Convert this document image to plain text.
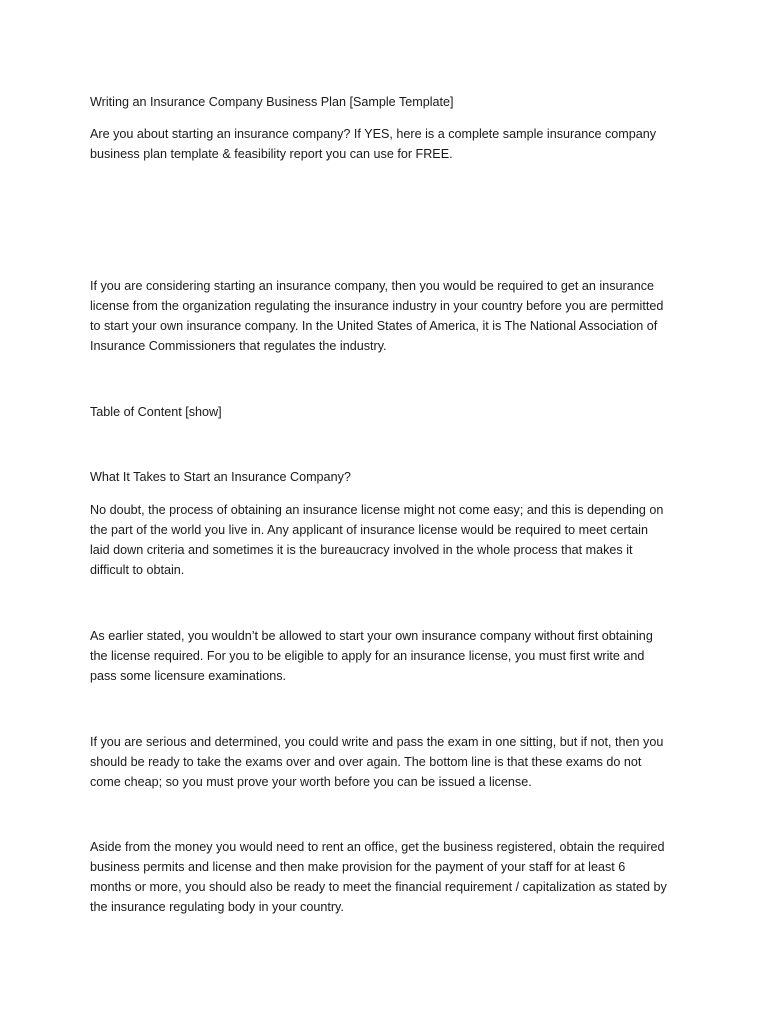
Writing an Insurance Company Business Plan [Sample Template]

Are you about starting an insurance company? If YES, here is a complete sample insurance company
business plan template & feasibility report you can use for FREE.

If you are considering starting an insurance company, then you would be required to get an insurance
license from the organization regulating the insurance industry in your country before you are permitted
to start your own insurance company. In the United States of America, it is The National Association of
Insurance Commissioners that regulates the industry.

Table of Content [show]

What It Takes to Start an Insurance Company?

No doubt, the process of obtaining an insurance license might not come easy; and this is depending on
the part of the world you live in. Any applicant of insurance license would be required to meet certain
laid down criteria and sometimes it is the bureaucracy involved in the whole process that makes it
difficult to obtain.

As earlier stated, you wouldn’t be allowed to start your own insurance company without first obtaining
the license required. For you to be eligible to apply for an insurance license, you must first write and
pass some licensure examinations.

If you are serious and determined, you could write and pass the exam in one sitting, but if not, then you
should be ready to take the exams over and over again. The bottom line is that these exams do not
come cheap; so you must prove your worth before you can be issued a license.

Aside from the money you would need to rent an office, get the business registered, obtain the required
business permits and license and then make provision for the payment of your staff for at least 6
months or more, you should also be ready to meet the financial requirement / capitalization as stated by
the insurance regulating body in your country.
